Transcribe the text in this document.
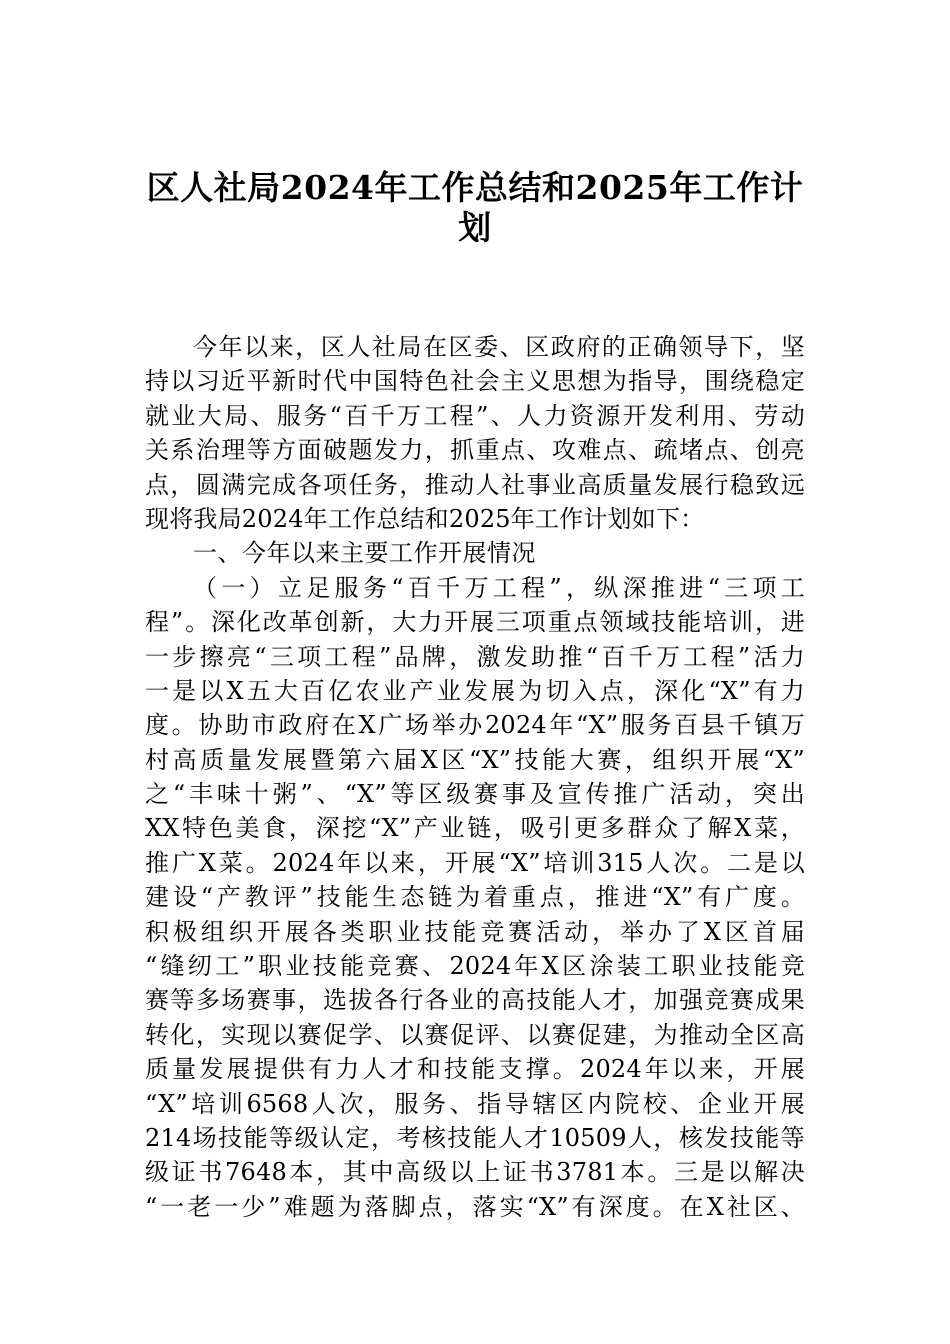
区人社局2024年工作总结和2025年工作计
划
今年以来，区人社局在区委、区政府的正确领导下，坚
持以习近平新时代中国特色社会主义思想为指导，围绕稳定
就业大局、服务“百千万工程”、人力资源开发利用、劳动
关系治理等方面破题发力，抓重点、攻难点、疏堵点、创亮
点，圆满完成各项任务，推动人社事业高质量发展行稳致远
现将我局2024年工作总结和2025年工作计划如下：
一、今年以来主要工作开展情况
（一）立足服务“百千万工程”，纵深推进“三项工
程”。深化改革创新，大力开展三项重点领域技能培训，进
一步擦亮“三项工程”品牌，激发助推“百千万工程”活力
一是以X五大百亿农业产业发展为切入点，深化“X”有力
度。协助市政府在X广场举办2024年“X”服务百县千镇万
村高质量发展暨第六届X区“X”技能大赛，组织开展“X”
之“丰味十粥”、“X”等区级赛事及宣传推广活动，突出
XX特色美食，深挖“X”产业链，吸引更多群众了解X菜，
推广X菜。2024年以来，开展“X”培训315人次。二是以
建设“产教评”技能生态链为着重点，推进“X”有广度。
积极组织开展各类职业技能竞赛活动，举办了X区首届
“缝纫工”职业技能竞赛、2024年X区涂装工职业技能竞
赛等多场赛事，选拔各行各业的高技能人才，加强竞赛成果
转化，实现以赛促学、以赛促评、以赛促建，为推动全区高
质量发展提供有力人才和技能支撑。2024年以来，开展
“X”培训6568人次，服务、指导辖区内院校、企业开展
214场技能等级认定，考核技能人才10509人，核发技能等
级证书7648本，其中高级以上证书3781本。三是以解决
“一老一少”难题为落脚点，落实“X”有深度。在X社区、
